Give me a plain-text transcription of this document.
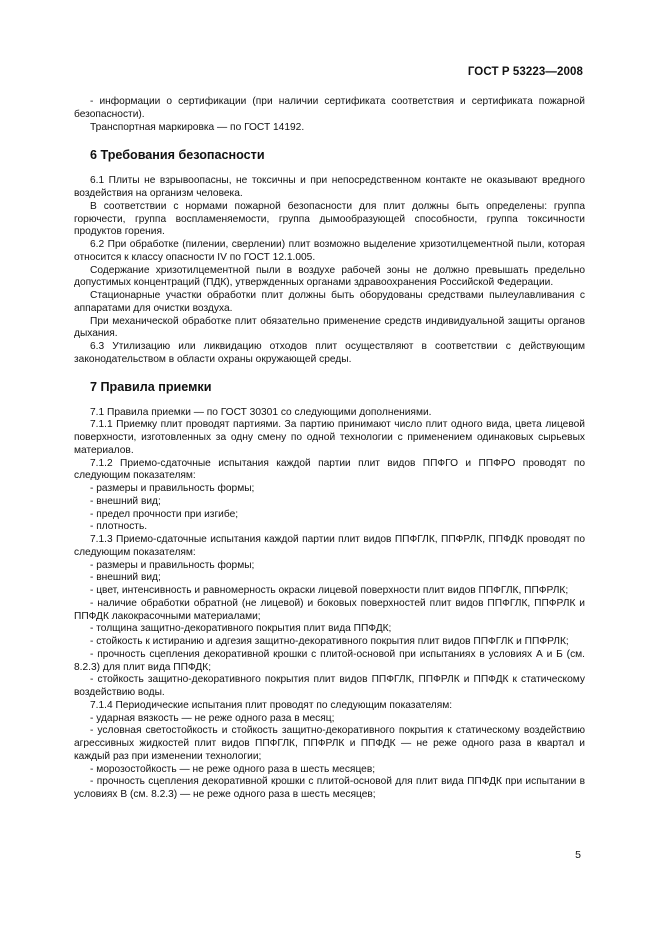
ГОСТ Р 53223—2008

- информации о сертификации (при наличии сертификата соответствия и сертификата пожарной безопасности).

Транспортная маркировка — по ГОСТ 14192.

6 Требования безопасности

6.1 Плиты не взрывоопасны, не токсичны и при непосредственном контакте не оказывают вредного воздействия на организм человека.

В соответствии с нормами пожарной безопасности для плит должны быть определены: группа горючести, группа воспламеняемости, группа дымообразующей способности, группа токсичности продуктов горения.

6.2 При обработке (пилении, сверлении) плит возможно выделение хризотилцементной пыли, которая относится к классу опасности IV по ГОСТ 12.1.005.

Содержание хризотилцементной пыли в воздухе рабочей зоны не должно превышать предельно допустимых концентраций (ПДК), утвержденных органами здравоохранения Российской Федерации.

Стационарные участки обработки плит должны быть оборудованы средствами пылеулавливания с аппаратами для очистки воздуха.

При механической обработке плит обязательно применение средств индивидуальной защиты органов дыхания.

6.3 Утилизацию или ликвидацию отходов плит осуществляют в соответствии с действующим законодательством в области охраны окружающей среды.

7 Правила приемки

7.1 Правила приемки — по ГОСТ 30301 со следующими дополнениями.

7.1.1 Приемку плит проводят партиями. За партию принимают число плит одного вида, цвета лицевой поверхности, изготовленных за одну смену по одной технологии с применением одинаковых сырьевых материалов.

7.1.2 Приемо-сдаточные испытания каждой партии плит видов ППФГО и ППФРО проводят по следующим показателям:

- размеры и правильность формы;

- внешний вид;

- предел прочности при изгибе;

- плотность.

7.1.3 Приемо-сдаточные испытания каждой партии плит видов ППФГЛК, ППФРЛК, ППФДК проводят по следующим показателям:

- размеры и правильность формы;

- внешний вид;

- цвет, интенсивность и равномерность окраски лицевой поверхности плит видов ППФГЛК, ППФРЛК;

- наличие обработки обратной (не лицевой) и боковых поверхностей плит видов ППФГЛК, ППФРЛК и ППФДК лакокрасочными материалами;

- толщина защитно-декоративного покрытия плит вида ППФДК;

- стойкость к истиранию и адгезия защитно-декоративного покрытия плит видов ППФГЛК и ППФРЛК;

- прочность сцепления декоративной крошки с плитой-основой при испытаниях в условиях А и Б (см. 8.2.3) для плит вида ППФДК;

- стойкость защитно-декоративного покрытия плит видов ППФГЛК, ППФРЛК и ППФДК к статическому воздействию воды.

7.1.4 Периодические испытания плит проводят по следующим показателям:

- ударная вязкость — не реже одного раза в месяц;

- условная светостойкость и стойкость защитно-декоративного покрытия к статическому воздействию агрессивных жидкостей плит видов ППФГЛК, ППФРЛК и ППФДК — не реже одного раза в квартал и каждый раз при изменении технологии;

- морозостойкость — не реже одного раза в шесть месяцев;

- прочность сцепления декоративной крошки с плитой-основой для плит вида ППФДК при испытании в условиях В (см. 8.2.3) — не реже одного раза в шесть месяцев;

5
